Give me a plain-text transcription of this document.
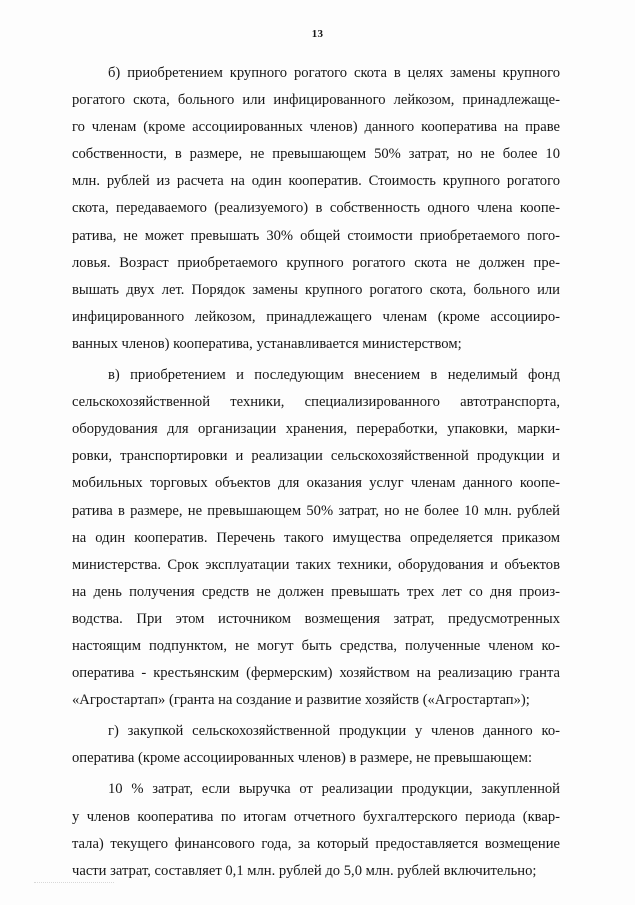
13
б) приобретением крупного рогатого скота в целях замены крупного
рогатого скота, больного или инфицированного лейкозом, принадлежаще-
го членам (кроме ассоциированных членов) данного кооператива на праве
собственности, в размере, не превышающем 50% затрат, но не более 10
млн. рублей из расчета на один кооператив. Стоимость крупного рогатого
скота, передаваемого (реализуемого) в собственность одного члена коопе-
ратива, не может превышать 30% общей стоимости приобретаемого пого-
ловья. Возраст приобретаемого крупного рогатого скота не должен пре-
вышать двух лет. Порядок замены крупного рогатого скота, больного или
инфицированного лейкозом, принадлежащего членам (кроме ассоцииро-
ванных членов) кооператива, устанавливается министерством;
в) приобретением и последующим внесением в неделимый фонд
сельскохозяйственной техники, специализированного автотранспорта,
оборудования для организации хранения, переработки, упаковки, марки-
ровки, транспортировки и реализации сельскохозяйственной продукции и
мобильных торговых объектов для оказания услуг членам данного коопе-
ратива в размере, не превышающем 50% затрат, но не более 10 млн. рублей
на один кооператив. Перечень такого имущества определяется приказом
министерства. Срок эксплуатации таких техники, оборудования и объектов
на день получения средств не должен превышать трех лет со дня произ-
водства. При этом источником возмещения затрат, предусмотренных
настоящим подпунктом, не могут быть средства, полученные членом ко-
оператива - крестьянским (фермерским) хозяйством на реализацию гранта
«Агростартап» (гранта на создание и развитие хозяйств («Агростартап»);
г) закупкой сельскохозяйственной продукции у членов данного ко-
оператива (кроме ассоциированных членов) в размере, не превышающем:
10 % затрат, если выручка от реализации продукции, закупленной
у членов кооператива по итогам отчетного бухгалтерского периода (квар-
тала) текущего финансового года, за который предоставляется возмещение
части затрат, составляет 0,1 млн. рублей до 5,0 млн. рублей включительно;
